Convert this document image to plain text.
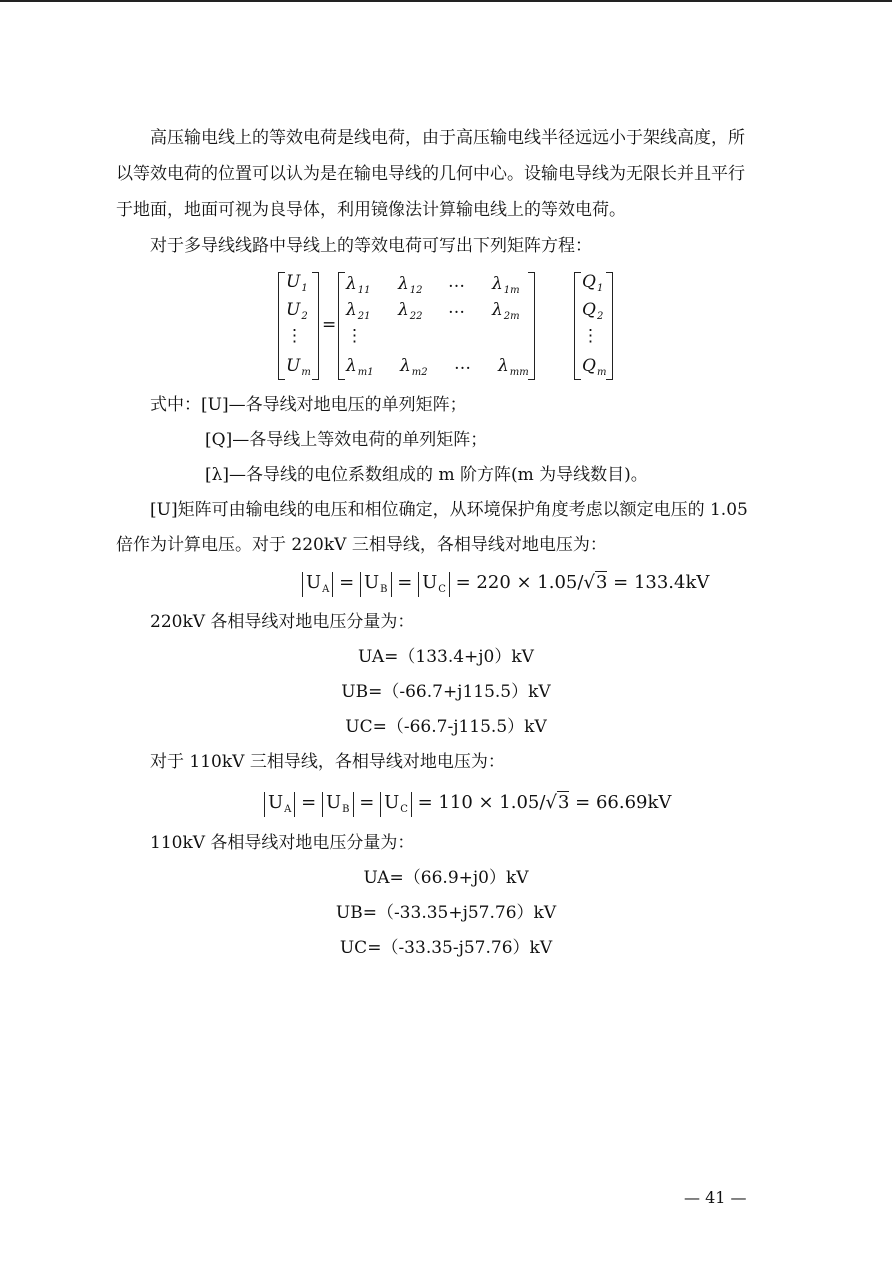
高压输电线上的等效电荷是线电荷，由于高压输电线半径远远小于架线高度，所
以等效电荷的位置可以认为是在输电导线的几何中心。设输电导线为无限长并且平行
于地面，地面可视为良导体，利用镜像法计算输电线上的等效电荷。
对于多导线线路中导线上的等效电荷可写出下列矩阵方程：
$U_1$
$U_2$
⋮
$U_m$
=
$\lambda_{11}$ $\lambda_{12}$ … $\lambda_{1m}$
$\lambda_{21}$ $\lambda_{22}$ … $\lambda_{2m}$
⋮
$\lambda_{m1}$ $\lambda_{m2}$ … $\lambda_{mm}$
$Q_1$
$Q_2$
⋮
$Q_m$
式中：[U]—各导线对地电压的单列矩阵；
[Q]—各导线上等效电荷的单列矩阵；
[λ]—各导线的电位系数组成的 m 阶方阵(m 为导线数目)。
[U]矩阵可由输电线的电压和相位确定，从环境保护角度考虑以额定电压的 1.05
倍作为计算电压。对于 220kV 三相导线，各相导线对地电压为：
$U_A = U_B = U_C = 220 \times 1.05/√3 = 133.4kV$
220kV 各相导线对地电压分量为：
UA=（133.4+j0）kV
UB=（-66.7+j115.5）kV
UC=（-66.7-j115.5）kV
对于 110kV 三相导线，各相导线对地电压为：
$U_A = U_B = U_C = 110 \times 1.05/√3 = 66.69kV$
110kV 各相导线对地电压分量为：
UA=（66.9+j0）kV
UB=（-33.35+j57.76）kV
UC=（-33.35-j57.76）kV
— 41 —
